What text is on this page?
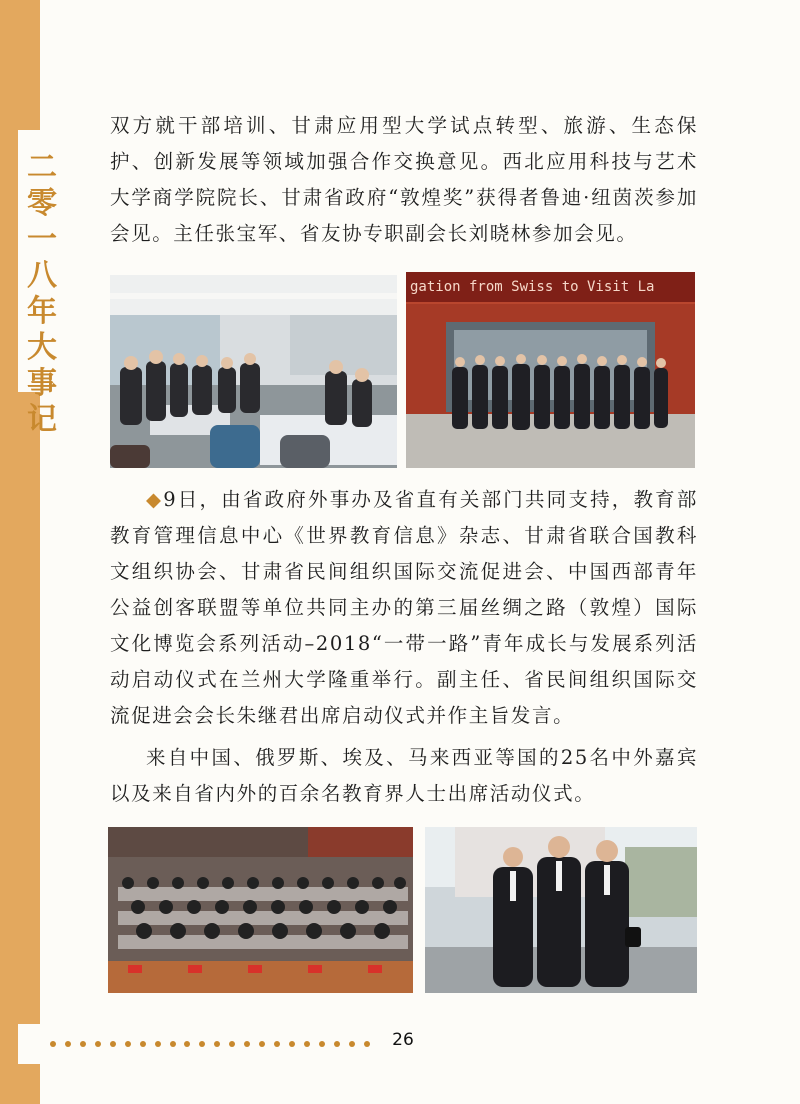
二零一八年大事记

双方就干部培训、甘肃应用型大学试点转型、旅游、生态保护、创新发展等领域加强合作交换意见。西北应用科技与艺术大学商学院院长、甘肃省政府“敦煌奖”获得者鲁迪·纽茵茨参加会见。主任张宝军、省友协专职副会长刘晓林参加会见。

gation from Swiss to Visit La

◆9日，由省政府外事办及省直有关部门共同支持，教育部教育管理信息中心《世界教育信息》杂志、甘肃省联合国教科文组织协会、甘肃省民间组织国际交流促进会、中国西部青年公益创客联盟等单位共同主办的第三届丝绸之路（敦煌）国际文化博览会系列活动–2018“一带一路”青年成长与发展系列活动启动仪式在兰州大学隆重举行。副主任、省民间组织国际交流促进会会长朱继君出席启动仪式并作主旨发言。

来自中国、俄罗斯、埃及、马来西亚等国的25名中外嘉宾以及来自省内外的百余名教育界人士出席活动仪式。

26
